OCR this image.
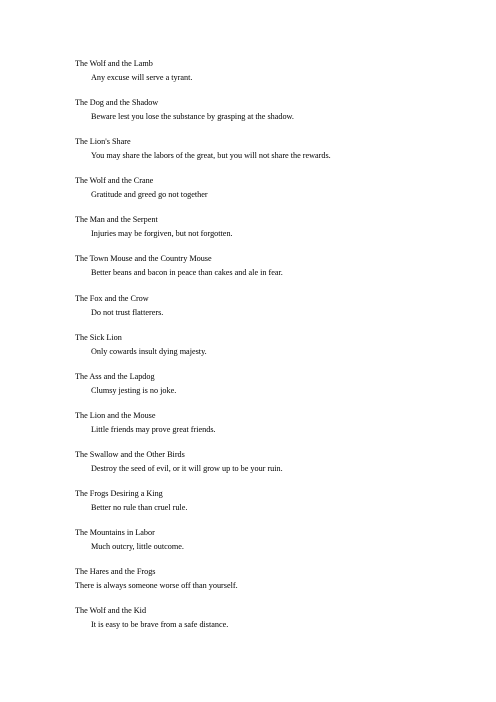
The Wolf and the Lamb
Any excuse will serve a tyrant.
The Dog and the Shadow
Beware lest you lose the substance by grasping at the shadow.
The Lion's Share
You may share the labors of the great, but you will not share the rewards.
The Wolf and the Crane
Gratitude and greed go not together
The Man and the Serpent
Injuries may be forgiven, but not forgotten.
The Town Mouse and the Country Mouse
Better beans and bacon in peace than cakes and ale in fear.
The Fox and the Crow
Do not trust flatterers.
The Sick Lion
Only cowards insult dying majesty.
The Ass and the Lapdog
Clumsy jesting is no joke.
The Lion and the Mouse
Little friends may prove great friends.
The Swallow and the Other Birds
Destroy the seed of evil, or it will grow up to be your ruin.
The Frogs Desiring a King
Better no rule than cruel rule.
The Mountains in Labor
Much outcry, little outcome.
The Hares and the Frogs
There is always someone worse off than yourself.
The Wolf and the Kid
It is easy to be brave from a safe distance.
